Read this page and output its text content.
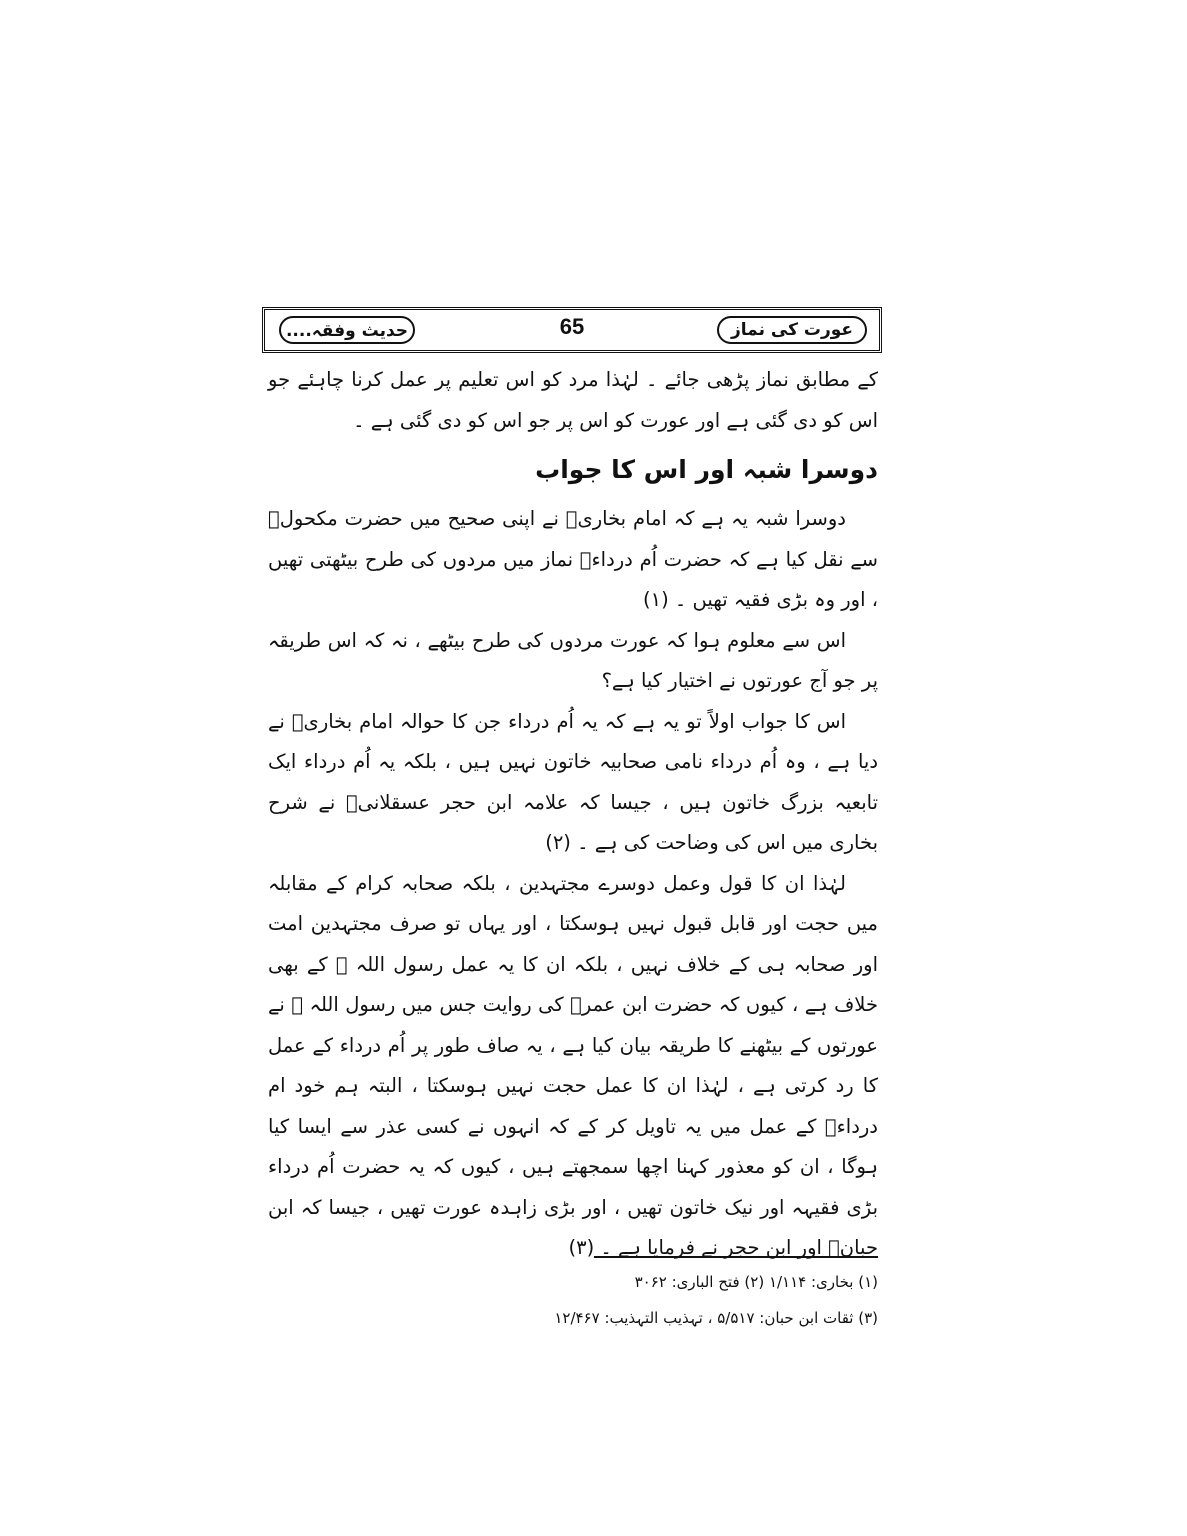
عورت کی نماز
65
حدیث وفقہ....

کے مطابق نماز پڑھی جائے ۔ لہٰذا مرد کو اس تعلیم پر عمل کرنا چاہئے جو اس کو دی گئی ہے اور عورت کو اس پر جو اس کو دی گئی ہے ۔

دوسرا شبہ اور اس کا جواب

دوسرا شبہ یہ ہے کہ امام بخاریؒ نے اپنی صحیح میں حضرت مکحولؒ سے نقل کیا ہے کہ حضرت اُم درداءؓ نماز میں مردوں کی طرح بیٹھتی تھیں ، اور وہ بڑی فقیہ تھیں ۔ (۱)

اس سے معلوم ہوا کہ عورت مردوں کی طرح بیٹھے ، نہ کہ اس طریقہ پر جو آج عورتوں نے اختیار کیا ہے؟

اس کا جواب اولاً تو یہ ہے کہ یہ اُم درداء جن کا حوالہ امام بخاریؒ نے دیا ہے ، وہ اُم درداء نامی صحابیہ خاتون نہیں ہیں ، بلکہ یہ اُم درداء ایک تابعیہ بزرگ خاتون ہیں ، جیسا کہ علامہ ابن حجر عسقلانیؒ نے شرح بخاری میں اس کی وضاحت کی ہے ۔ (۲)

لہٰذا ان کا قول وعمل دوسرے مجتہدین ، بلکہ صحابہ کرام کے مقابلہ میں حجت اور قابل قبول نہیں ہوسکتا ، اور یہاں تو صرف مجتہدین امت اور صحابہ ہی کے خلاف نہیں ، بلکہ ان کا یہ عمل رسول اللہ ﷺ کے بھی خلاف ہے ، کیوں کہ حضرت ابن عمرؓ کی روایت جس میں رسول اللہ ﷺ نے عورتوں کے بیٹھنے کا طریقہ بیان کیا ہے ، یہ صاف طور پر اُم درداء کے عمل کا رد کرتی ہے ، لہٰذا ان کا عمل حجت نہیں ہوسکتا ، البتہ ہم خود ام درداءؒ کے عمل میں یہ تاویل کر کے کہ انہوں نے کسی عذر سے ایسا کیا ہوگا ، ان کو معذور کہنا اچھا سمجھتے ہیں ، کیوں کہ یہ حضرت اُم درداء بڑی فقیہہ اور نیک خاتون تھیں ، اور بڑی زاہدہ عورت تھیں ، جیسا کہ ابن حبانؒ اور ابن حجر نے فرمایا ہے ۔ (۳)

(۱) بخاری: ۱/۱۱۴ (۲) فتح الباری: ۳۰۶۲

(۳) ثقات ابن حبان: ۵/۵۱۷ ، تہذیب التہذیب: ۱۲/۴۶۷
